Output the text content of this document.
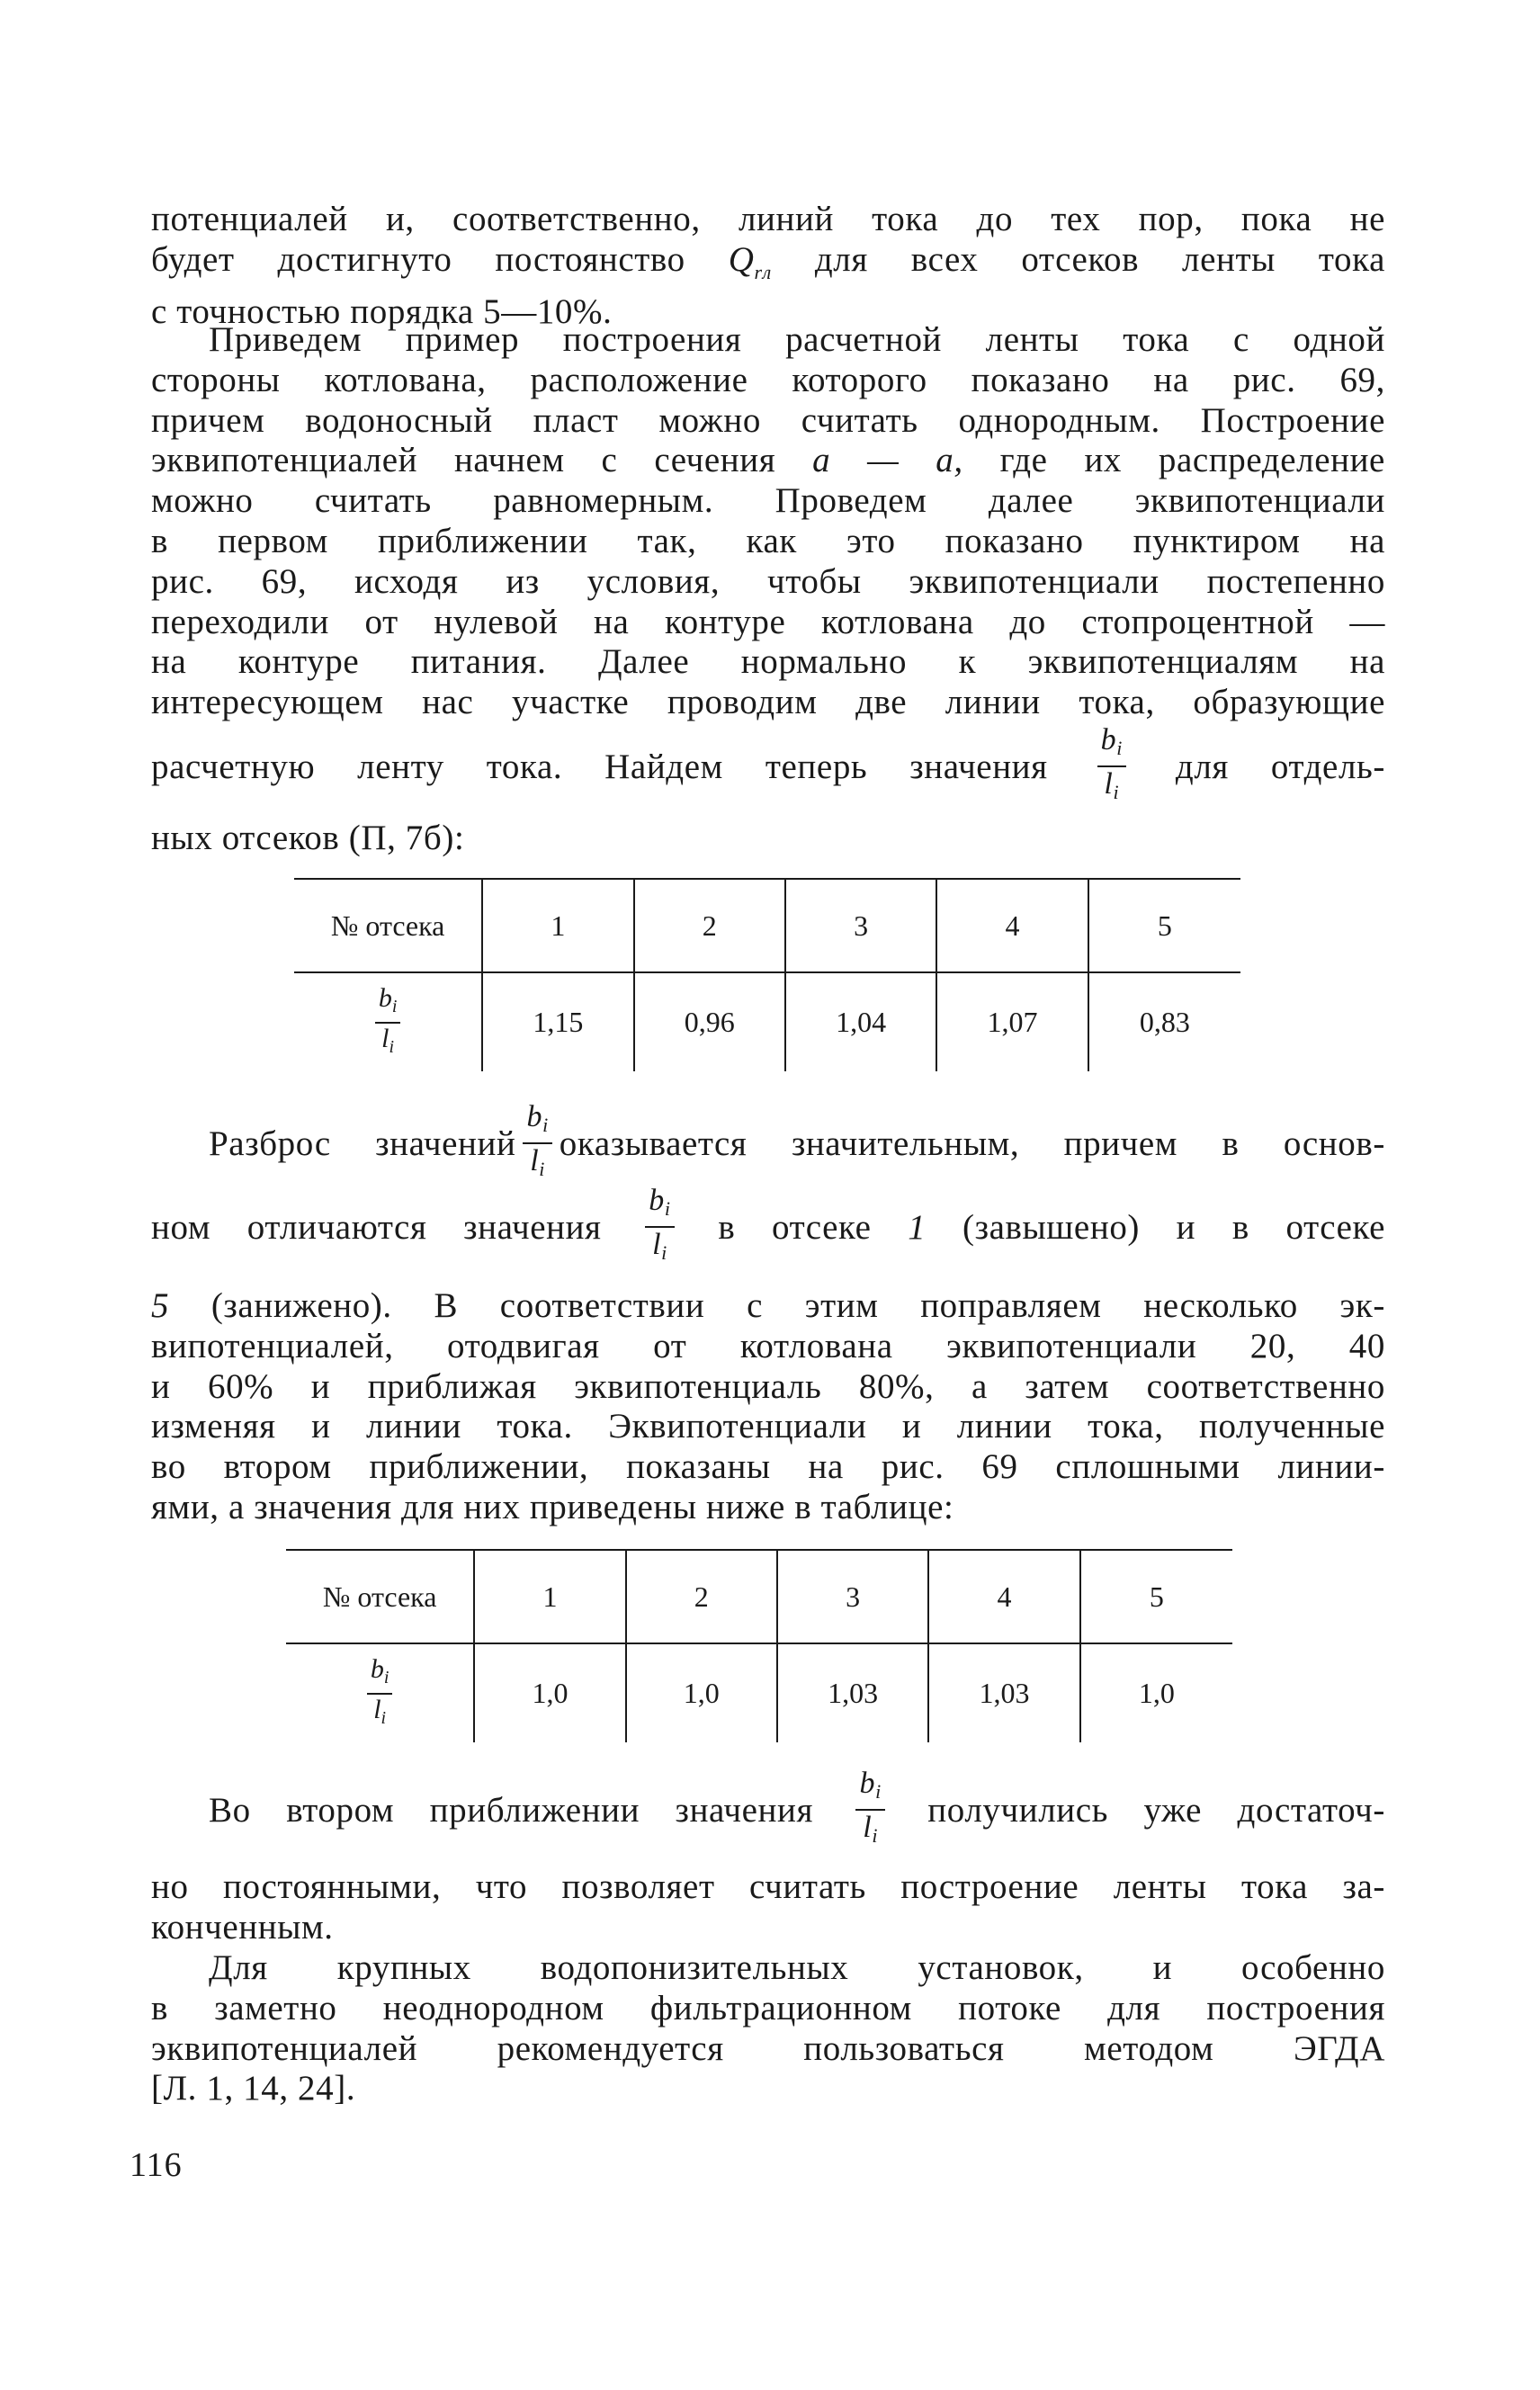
потенциалей и, соответственно, линий тока до тех пор, пока не
будет достигнуто постоянство $Q_{rл}$ для всех отсеков ленты тока
с точностью порядка 5—10%.

Приведем пример построения расчетной ленты тока с одной
стороны котлована, расположение которого показано на рис. 69,
причем водоносный пласт можно считать однородным. Построение
эквипотенциалей начнем с сечения a — a, где их распределение
можно считать равномерным. Проведем далее эквипотенциали
в первом приближении так, как это показано пунктиром на
рис. 69, исходя из условия, чтобы эквипотенциали постепенно
переходили от нулевой на контуре котлована до стопроцентной —
на контуре питания. Далее нормально к эквипотенциалям на
интересующем нас участке проводим две линии тока, образующие

расчетную ленту тока. Найдем теперь значения $\frac{bi}{li}$ для отдель-
ных отсеков (П, 7б):

№ отсека	1	2	3	4	5

$\frac{b_i}{l_i}$	1,15	0,96	1,04	1,07	0,83

Разброс значений $\frac{bi}{li}$ оказывается значительным, причем в основ-
ном отличаются значения $\frac{bi}{li}$ в отсеке 1 (завышено) и в отсеке

5 (занижено). В соответствии с этим поправляем несколько эк-
випотенциалей, отодвигая от котлована эквипотенциали 20, 40
и 60% и приближая эквипотенциаль 80%, а затем соответственно
изменяя и линии тока. Эквипотенциали и линии тока, полученные
во втором приближении, показаны на рис. 69 сплошными линии-
ями, а значения для них приведены ниже в таблице:

№ отсека	1	2	3	4	5

$\frac{b_i}{l_i}$	1,0	1,0	1,03	1,03	1,0

Во втором приближении значения $\frac{bi}{li}$ получились уже достаточ-

но постоянными, что позволяет считать построение ленты тока за-
конченным.

Для крупных водопонизительных установок, и особенно
в заметно неоднородном фильтрационном потоке для построения
эквипотенциалей рекомендуется пользоваться методом ЭГДА
[Л. 1, 14, 24].

116
